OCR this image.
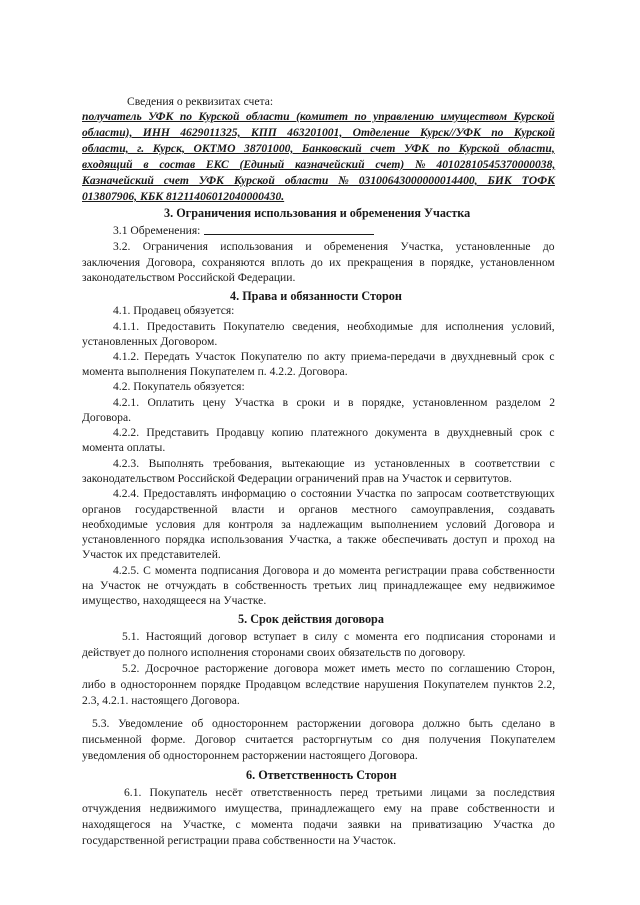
Сведения о реквизитах счета:
получатель УФК по Курской области (комитет по управлению имуществом Курской
области), ИНН 4629011325, КПП 463201001, Отделение Курск//УФК по Курской
области, г. Курск, ОКТМО 38701000, Банковский счет УФК по Курской области,
входящий в состав ЕКС (Единый казначейский счет) № 40102810545370000038,
Казначейский счет УФК Курской области № 03100643000000014400, БИК ТОФК
013807906, КБК 81211406012040000430.
3. Ограничения использования и обременения Участка
3.1 Обременения:
3.2. Ограничения использования и обременения Участка, установленные до
заключения Договора, сохраняются вплоть до их прекращения в порядке, установленном
законодательством Российской Федерации.
4. Права и обязанности Сторон
4.1. Продавец обязуется:
4.1.1. Предоставить Покупателю сведения, необходимые для исполнения условий,
установленных Договором.
4.1.2. Передать Участок Покупателю по акту приема-передачи в двухдневный срок с
момента выполнения Покупателем п. 4.2.2. Договора.
4.2. Покупатель обязуется:
4.2.1. Оплатить цену Участка в сроки и в порядке, установленном разделом 2
Договора.
4.2.2. Представить Продавцу копию платежного документа в двухдневный срок с
момента оплаты.
4.2.3. Выполнять требования, вытекающие из установленных в соответствии с
законодательством Российской Федерации ограничений прав на Участок и сервитутов.
4.2.4. Предоставлять информацию о состоянии Участка по запросам соответствующих
органов государственной власти и органов местного самоуправления, создавать
необходимые условия для контроля за надлежащим выполнением условий Договора и
установленного порядка использования Участка, а также обеспечивать доступ и проход на
Участок их представителей.
4.2.5. С момента подписания Договора и до момента регистрации права собственности
на Участок не отчуждать в собственность третьих лиц принадлежащее ему недвижимое
имущество, находящееся на Участке.
5. Срок действия договора
5.1. Настоящий договор вступает в силу с момента его подписания сторонами и
действует до полного исполнения сторонами своих обязательств по договору.
5.2. Досрочное расторжение договора может иметь место по соглашению Сторон,
либо в одностороннем порядке Продавцом вследствие нарушения Покупателем пунктов 2.2,
2.3, 4.2.1. настоящего Договора.
5.3. Уведомление об одностороннем расторжении договора должно быть сделано в
письменной форме. Договор считается расторгнутым со дня получения Покупателем
уведомления об одностороннем расторжении настоящего Договора.
6. Ответственность Сторон
6.1. Покупатель несёт ответственность перед третьими лицами за последствия
отчуждения недвижимого имущества, принадлежащего ему на праве собственности и
находящегося на Участке, с момента подачи заявки на приватизацию Участка до
государственной регистрации права собственности на Участок.
